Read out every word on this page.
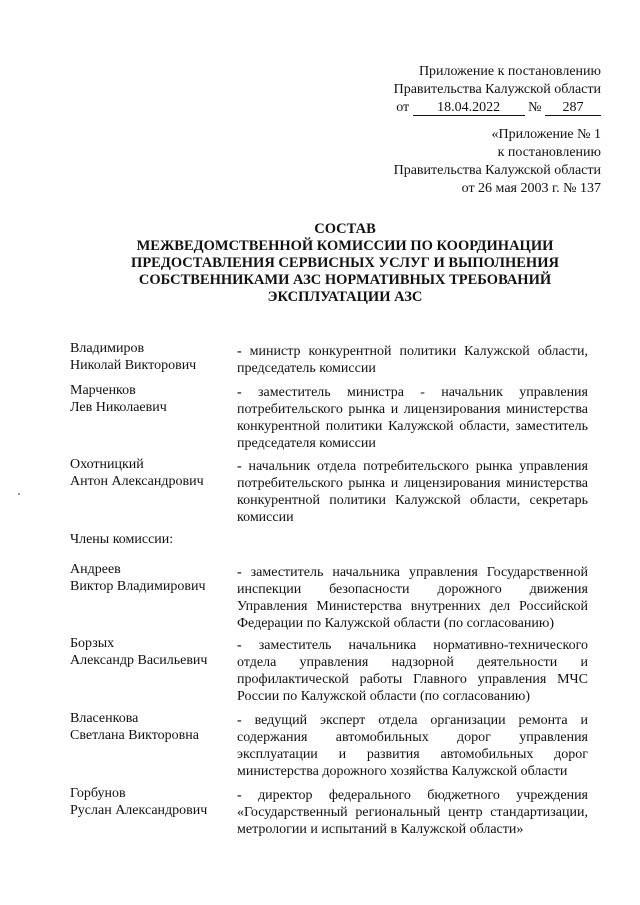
Приложение к постановлению
Правительства Калужской области
от 18.04.2022 № 287
«Приложение № 1
к постановлению
Правительства Калужской области
от 26 мая 2003 г. № 137
СОСТАВ
МЕЖВЕДОМСТВЕННОЙ КОМИССИИ ПО КООРДИНАЦИИ
ПРЕДОСТАВЛЕНИЯ СЕРВИСНЫХ УСЛУГ И ВЫПОЛНЕНИЯ
СОБСТВЕННИКАМИ АЗС НОРМАТИВНЫХ ТРЕБОВАНИЙ
ЭКСПЛУАТАЦИИ АЗС
Владимиров
Николай Викторович
- министр конкурентной политики Калужской области, председатель комиссии
Марченков
Лев Николаевич
- заместитель министра - начальник управления потребительского рынка и лицензирования министерства конкурентной политики Калужской области, заместитель председателя комиссии
Охотницкий
Антон Александрович
- начальник отдела потребительского рынка управления потребительского рынка и лицензирования министерства конкурентной политики Калужской области, секретарь комиссии
Члены комиссии:
Андреев
Виктор Владимирович
- заместитель начальника управления Государственной инспекции безопасности дорожного движения Управления Министерства внутренних дел Российской Федерации по Калужской области (по согласованию)
Борзых
Александр Васильевич
- заместитель начальника нормативно-технического отдела управления надзорной деятельности и профилактической работы Главного управления МЧС России по Калужской области (по согласованию)
Власенкова
Светлана Викторовна
- ведущий эксперт отдела организации ремонта и содержания автомобильных дорог управления эксплуатации и развития автомобильных дорог министерства дорожного хозяйства Калужской области
Горбунов
Руслан Александрович
- директор федерального бюджетного учреждения «Государственный региональный центр стандартизации, метрологии и испытаний в Калужской области»
